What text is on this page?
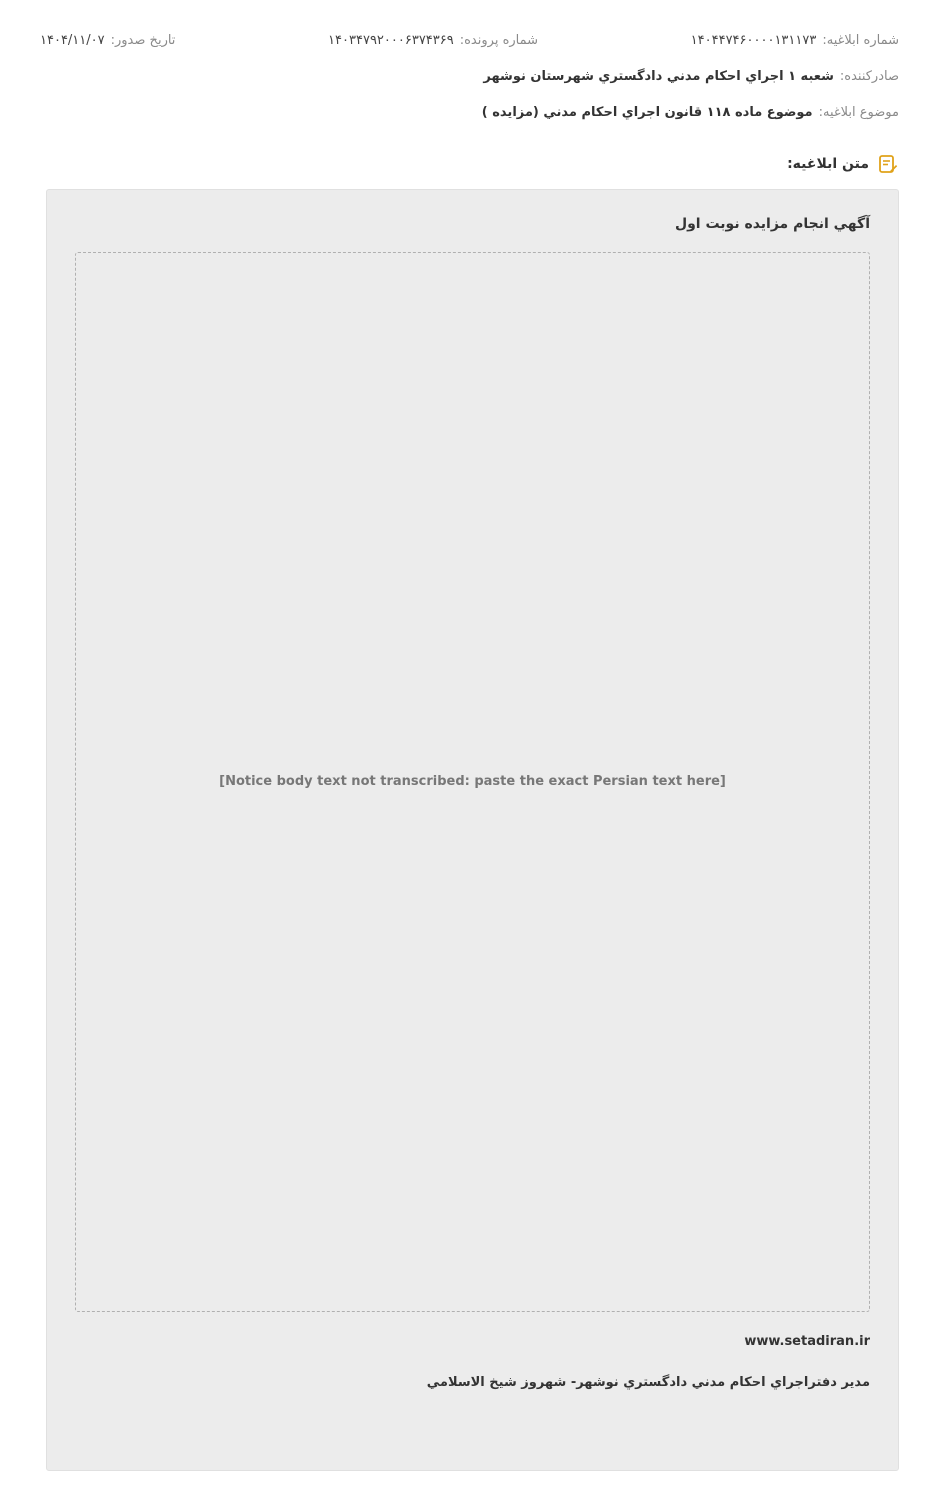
شماره ابلاغیه:
۱۴۰۴۴۷۴۶۰۰۰۰۱۳۱۱۷۳
شماره پرونده:
۱۴۰۳۴۷۹۲۰۰۰۶۳۷۴۳۶۹
تاریخ صدور:
۱۴۰۴/۱۱/۰۷
صادرکننده:
شعبه ۱ اجراي احكام مدني دادگستري شهرستان نوشهر
موضوع ابلاغیه:
موضوع ماده ۱۱۸ قانون اجراي احكام مدني (مزايده )
متن ابلاغیه:
آگهي انجام مزايده نوبت اول
[Notice body text not transcribed: paste the exact Persian text here]
www.setadiran.ir
مدير دفتراجراي احكام مدني دادگستري نوشهر- شهروز شيخ الاسلامي
